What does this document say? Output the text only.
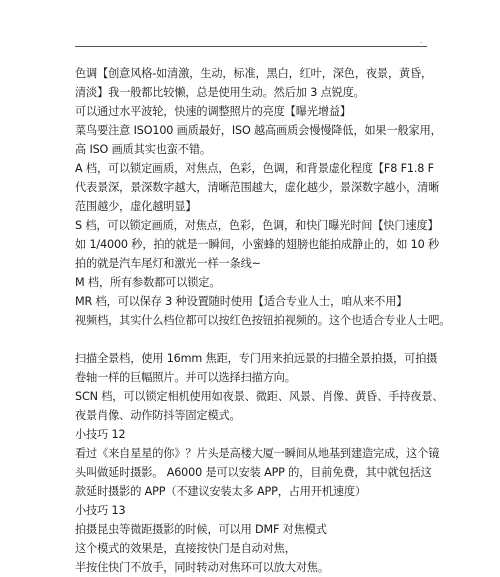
.
色调【创意风格-如清激，生动，标准，黑白，红叶，深色，夜景，黄昏，
清淡】我一般都比较懒，总是使用生动。然后加 3 点锐度。
可以通过水平波轮，快速的调整照片的亮度【曝光增益】
菜鸟要注意 ISO100 画质最好，ISO 越高画质会慢慢降低，如果一般家用，
高 ISO 画质其实也蛮不错。
A 档，可以锁定画质，对焦点，色彩，色调，和背景虚化程度【F8 F1.8 F
代表景深，景深数字越大，清晰范围越大，虚化越少，景深数字越小，清晰
范围越少，虚化越明显】
S 档，可以锁定画质，对焦点，色彩，色调，和快门曝光时间【快门速度】
如 1/4000 秒，拍的就是一瞬间，小蜜蜂的翅膀也能拍成静止的，如 10 秒
拍的就是汽车尾灯和激光一样一条线~
M 档，所有参数都可以锁定。
MR 档，可以保存 3 种设置随时使用【适合专业人士，咱从来不用】
视频档，其实什么档位都可以按红色按钮拍视频的。这个也适合专业人士吧。
扫描全景档，使用 16mm 焦距，专门用来拍远景的扫描全景拍摄，可拍摄
卷轴一样的巨幅照片。并可以选择扫描方向。
SCN 档，可以锁定相机使用如夜景、微距、风景、肖像、黄昏、手持夜景、
夜景肖像、动作防抖等固定模式。
小技巧 12
看过《来自星星的你》？片头是高楼大厦一瞬间从地基到建造完成，这个镜
头叫做延时摄影。 A6000 是可以安装 APP 的，目前免费，其中就包括这
款延时摄影的 APP（不建议安装太多 APP，占用开机速度）
小技巧 13
拍摄昆虫等微距摄影的时候，可以用 DMF 对焦模式
这个模式的效果是，直接按快门是自动对焦，
半按住快门不放手，同时转动对焦环可以放大对焦。
